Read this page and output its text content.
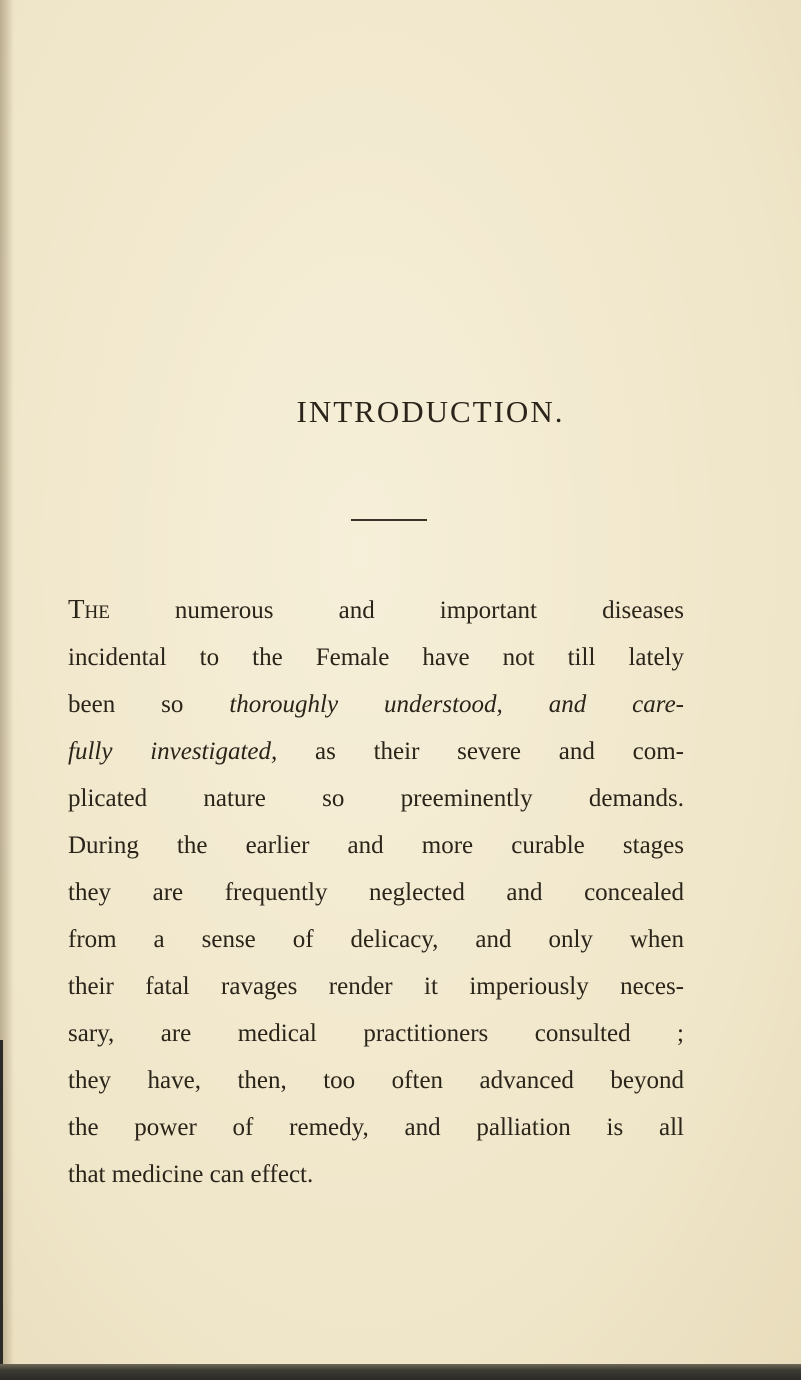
INTRODUCTION.
The numerous and important diseases
incidental to the Female have not till lately
been so thoroughly understood, and care-
fully investigated, as their severe and com-
plicated nature so preeminently demands.
During the earlier and more curable stages
they are frequently neglected and concealed
from a sense of delicacy, and only when
their fatal ravages render it imperiously neces-
sary, are medical practitioners consulted ;
they have, then, too often advanced beyond
the power of remedy, and palliation is all
that medicine can effect.
